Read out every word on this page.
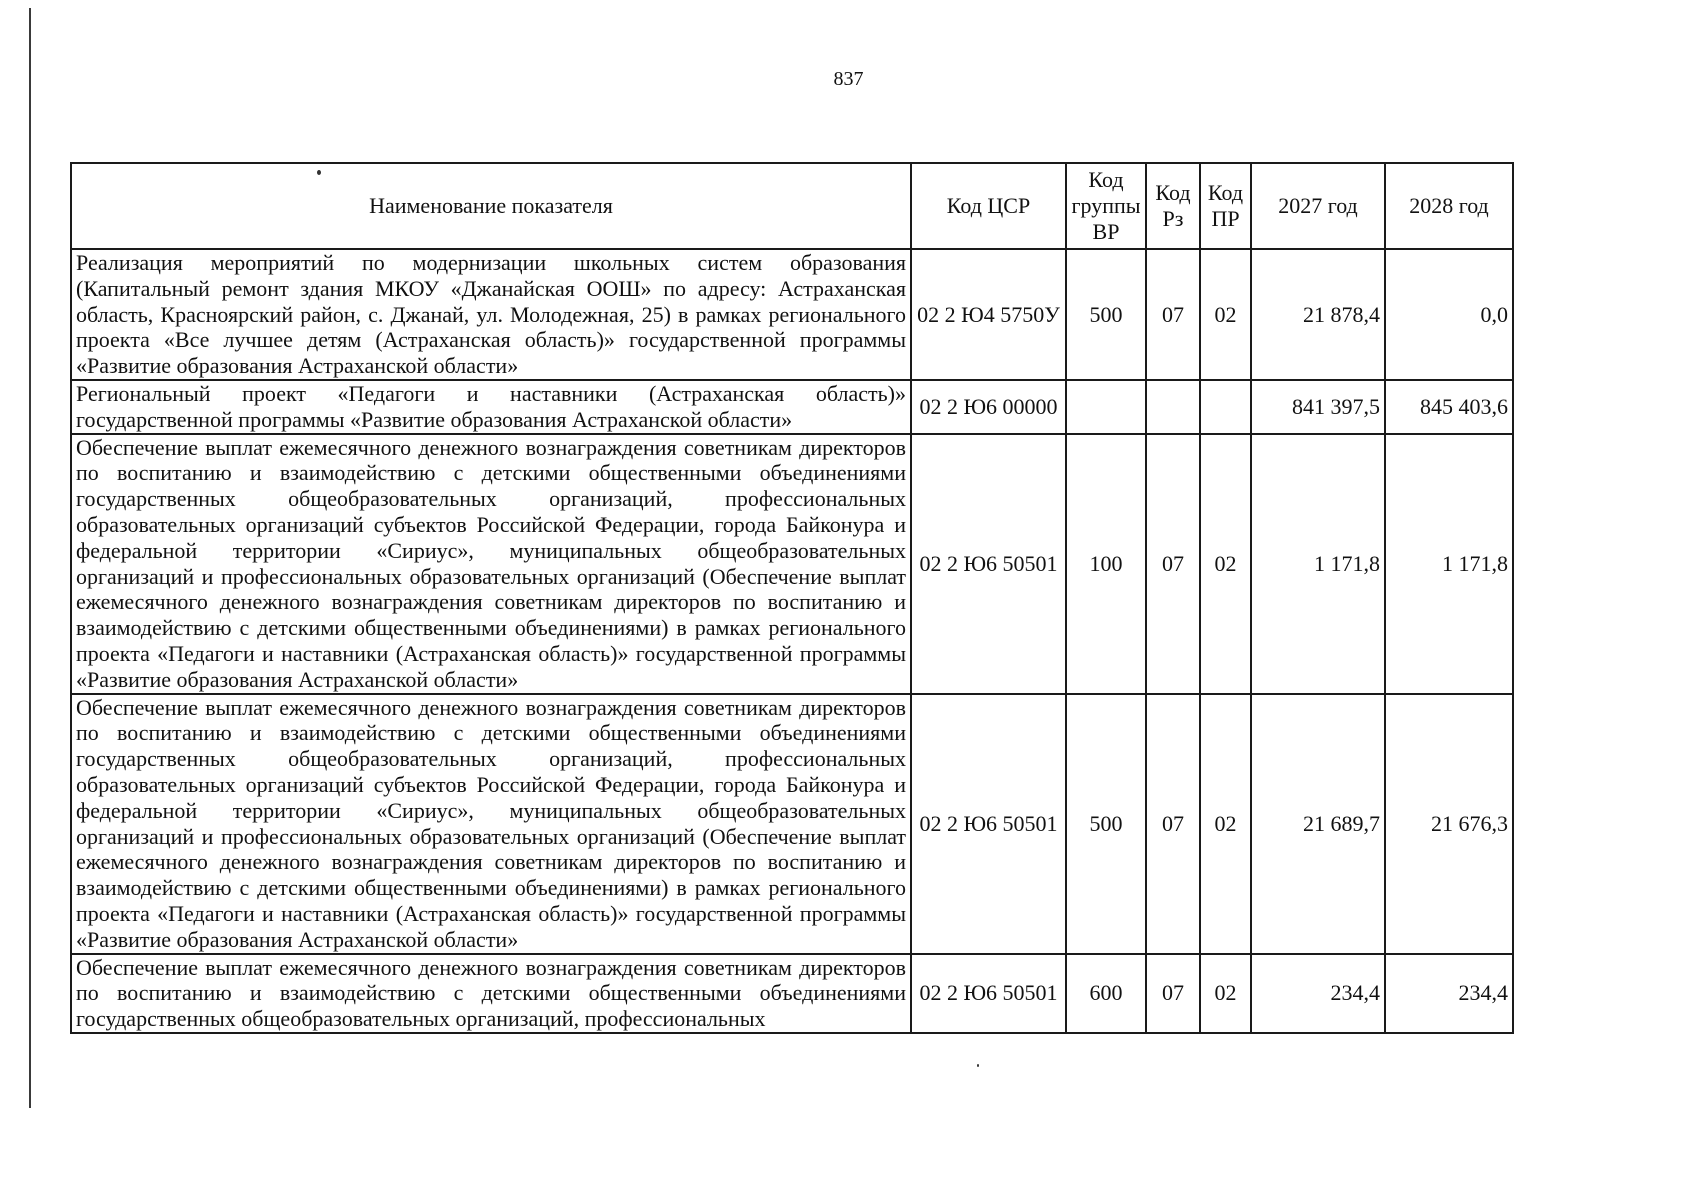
837
Наименование показателя	Код ЦСР	Код группы ВР	Код Рз	Код ПР	2027 год	2028 год
Реализация мероприятий по модернизации школьных систем образования (Капитальный ремонт здания МКОУ «Джанайская ООШ» по адресу: Астраханская область, Красноярский район, с. Джанай, ул. Молодежная, 25) в рамках регионального проекта «Все лучшее детям (Астраханская область)» государственной программы «Развитие образования Астраханской области»	02 2 Ю4 5750У	500	07	02	21 878,4	0,0
Региональный проект «Педагоги и наставники (Астраханская область)» государственной программы «Развитие образования Астраханской области»	02 2 Ю6 00000				841 397,5	845 403,6
Обеспечение выплат ежемесячного денежного вознаграждения советникам директоров по воспитанию и взаимодействию с детскими общественными объединениями государственных общеобразовательных организаций, профессиональных образовательных организаций субъектов Российской Федерации, города Байконура и федеральной территории «Сириус», муниципальных общеобразовательных организаций и профессиональных образовательных организаций (Обеспечение выплат ежемесячного денежного вознаграждения советникам директоров по воспитанию и взаимодействию с детскими общественными объединениями) в рамках регионального проекта «Педагоги и наставники (Астраханская область)» государственной программы «Развитие образования Астраханской области»	02 2 Ю6 50501	100	07	02	1 171,8	1 171,8
Обеспечение выплат ежемесячного денежного вознаграждения советникам директоров по воспитанию и взаимодействию с детскими общественными объединениями государственных общеобразовательных организаций, профессиональных образовательных организаций субъектов Российской Федерации, города Байконура и федеральной территории «Сириус», муниципальных общеобразовательных организаций и профессиональных образовательных организаций (Обеспечение выплат ежемесячного денежного вознаграждения советникам директоров по воспитанию и взаимодействию с детскими общественными объединениями) в рамках регионального проекта «Педагоги и наставники (Астраханская область)» государственной программы «Развитие образования Астраханской области»	02 2 Ю6 50501	500	07	02	21 689,7	21 676,3
Обеспечение выплат ежемесячного денежного вознаграждения советникам директоров по воспитанию и взаимодействию с детскими общественными объединениями государственных общеобразовательных организаций, профессиональных	02 2 Ю6 50501	600	07	02	234,4	234,4
